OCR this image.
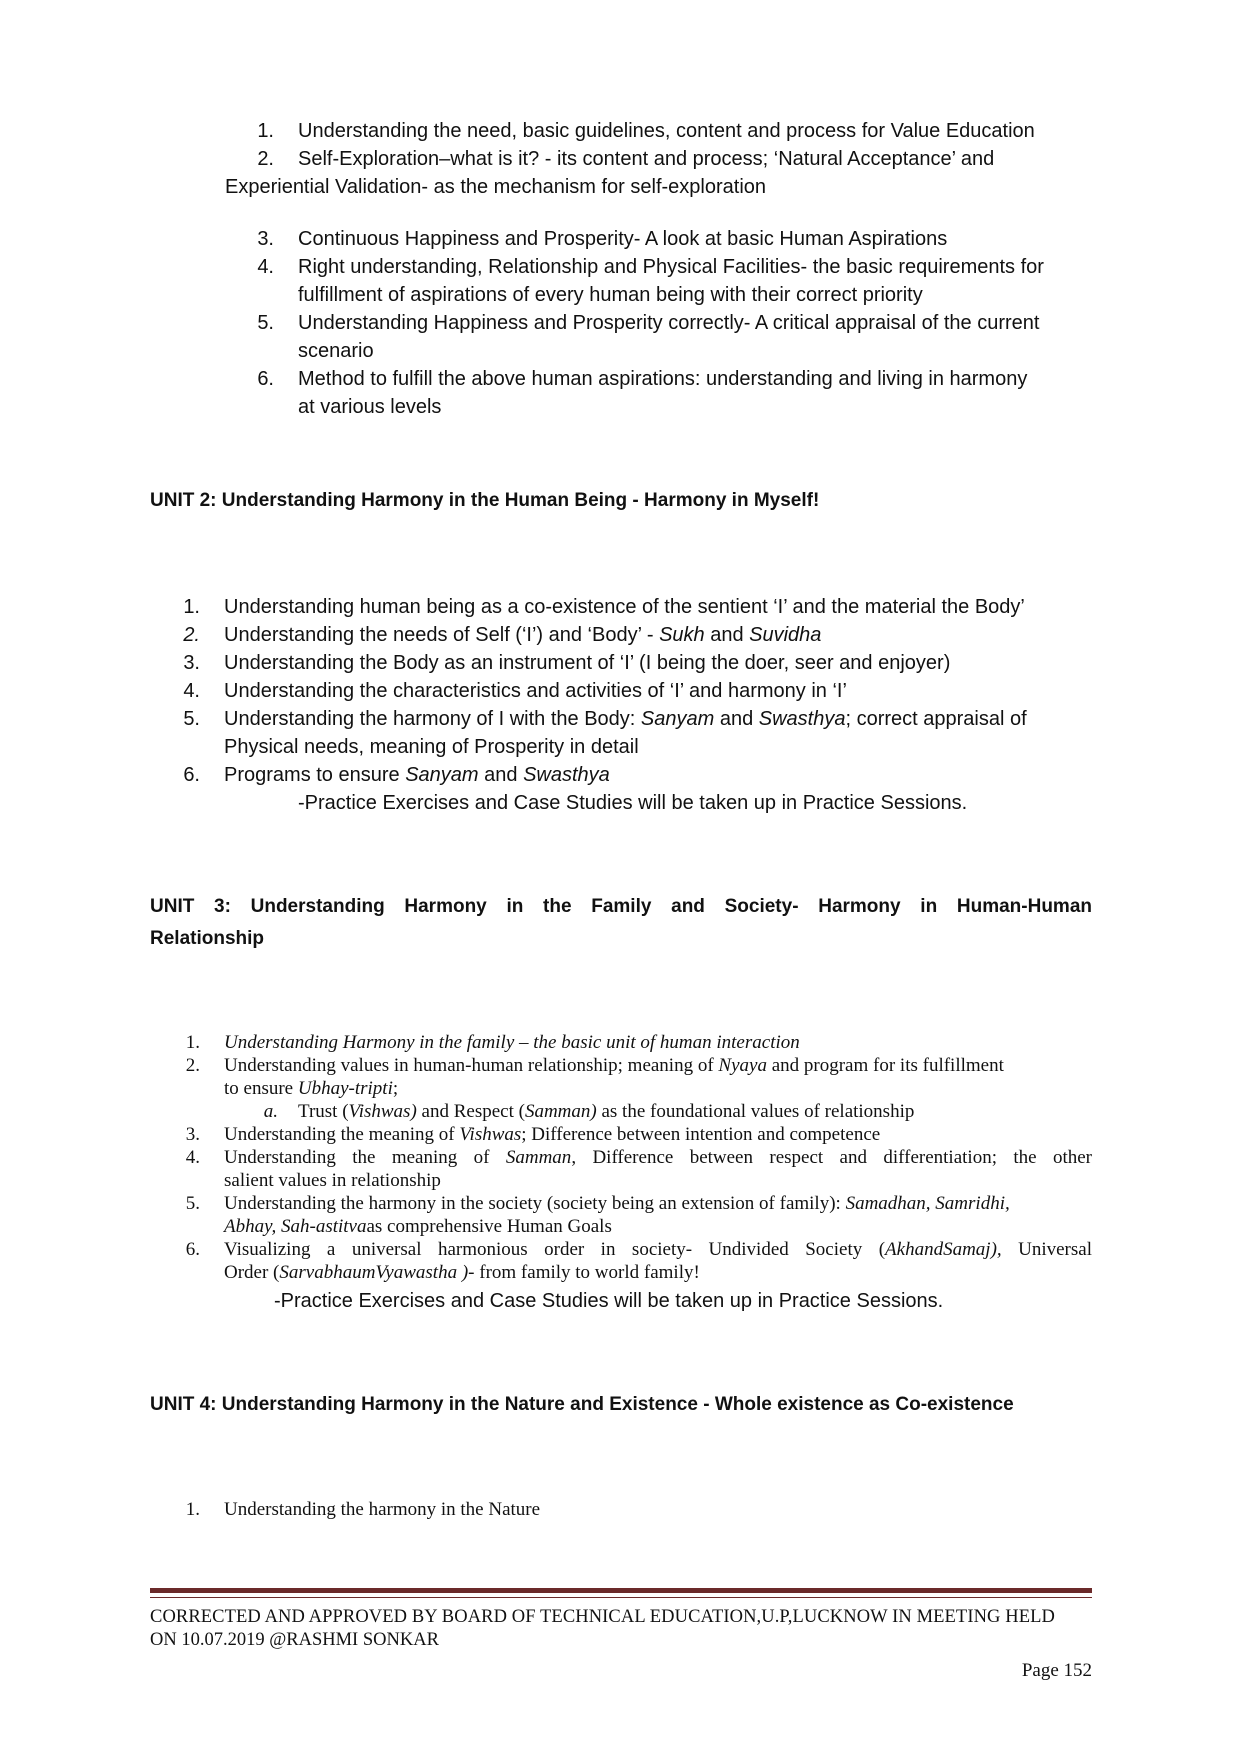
1. Understanding the need, basic guidelines, content and process for Value Education
2. Self-Exploration–what is it? - its content and process; ‘Natural Acceptance’ and
Experiential Validation- as the mechanism for self-exploration
3. Continuous Happiness and Prosperity- A look at basic Human Aspirations
4. Right understanding, Relationship and Physical Facilities- the basic requirements for
fulfillment of aspirations of every human being with their correct priority
5. Understanding Happiness and Prosperity correctly- A critical appraisal of the current
scenario
6. Method to fulfill the above human aspirations: understanding and living in harmony
at various levels
UNIT 2: Understanding Harmony in the Human Being - Harmony in Myself!
1. Understanding human being as a co-existence of the sentient ‘I’ and the material the Body’
2. Understanding the needs of Self (‘I’) and ‘Body’ - Sukh and Suvidha
3. Understanding the Body as an instrument of ‘I’ (I being the doer, seer and enjoyer)
4. Understanding the characteristics and activities of ‘I’ and harmony in ‘I’
5. Understanding the harmony of I with the Body: Sanyam and Swasthya; correct appraisal of
Physical needs, meaning of Prosperity in detail
6. Programs to ensure Sanyam and Swasthya
-Practice Exercises and Case Studies will be taken up in Practice Sessions.
UNIT 3: Understanding Harmony in the Family and Society- Harmony in Human-Human
Relationship
1. Understanding Harmony in the family – the basic unit of human interaction
2. Understanding values in human-human relationship; meaning of Nyaya and program for its fulfillment
to ensure Ubhay-tripti;
a. Trust (Vishwas) and Respect (Samman) as the foundational values of relationship
3. Understanding the meaning of Vishwas; Difference between intention and competence
4. Understanding the meaning of Samman, Difference between respect and differentiation; the other
salient values in relationship
5. Understanding the harmony in the society (society being an extension of family): Samadhan, Samridhi,
Abhay, Sah-astitvaas comprehensive Human Goals
6. Visualizing a universal harmonious order in society- Undivided Society (AkhandSamaj), Universal
Order (SarvabhaumVyawastha )- from family to world family!
-Practice Exercises and Case Studies will be taken up in Practice Sessions.
UNIT 4: Understanding Harmony in the Nature and Existence - Whole existence as Co-existence
1. Understanding the harmony in the Nature
CORRECTED AND APPROVED BY BOARD OF TECHNICAL EDUCATION,U.P,LUCKNOW IN MEETING HELD
ON 10.07.2019 @RASHMI SONKAR
Page 152
